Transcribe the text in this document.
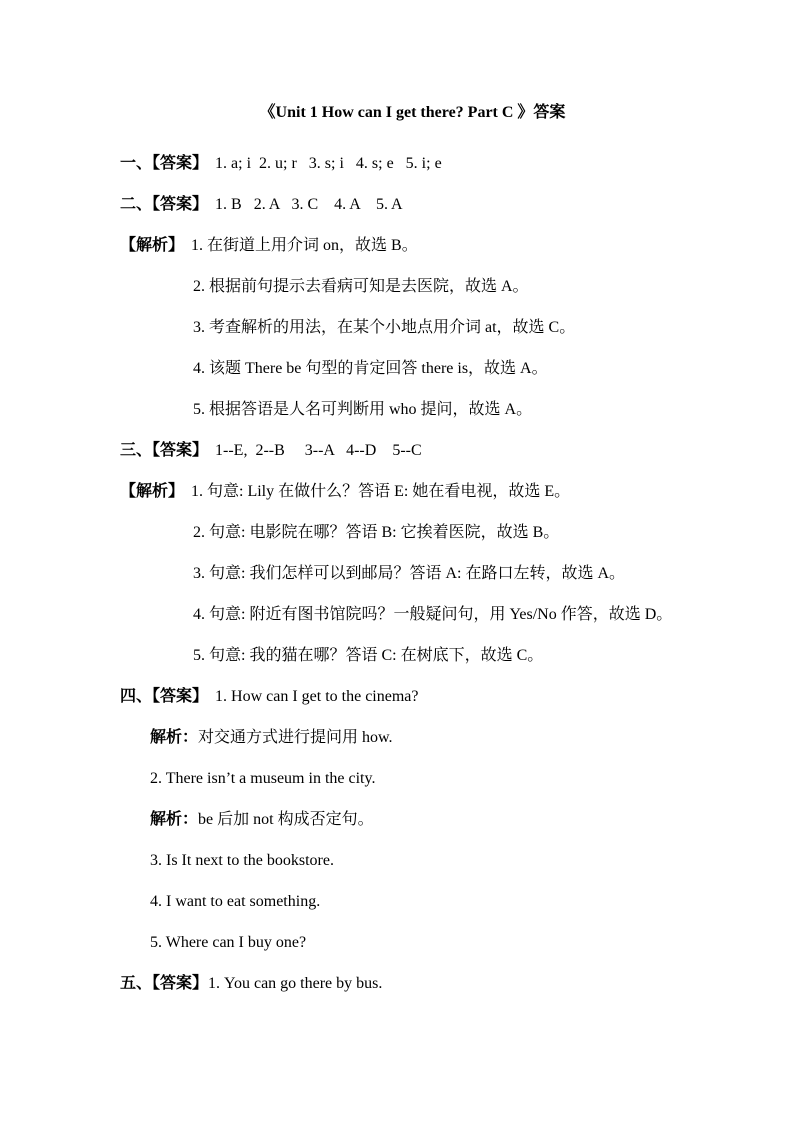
《Unit 1 How can I get there? Part C 》答案

一、【答案】 1. a; i  2. u; r   3. s; i   4. s; e   5. i; e

二、【答案】 1. B   2. A   3. C    4. A    5. A

【解析】 1. 在街道上用介词 on，故选 B。

2. 根据前句提示去看病可知是去医院，故选 A。

3. 考查解析的用法，在某个小地点用介词 at，故选 C。

4. 该题 There be 句型的肯定回答 there is，故选 A。

5. 根据答语是人名可判断用 who 提问，故选 A。

三、【答案】 1--E,  2--B     3--A   4--D    5--C

【解析】 1. 句意: Lily 在做什么？答语 E: 她在看电视，故选 E。

2. 句意: 电影院在哪？答语 B: 它挨着医院，故选 B。

3. 句意: 我们怎样可以到邮局？答语 A: 在路口左转，故选 A。

4. 句意: 附近有图书馆院吗？一般疑问句，用 Yes/No 作答，故选 D。

5. 句意: 我的猫在哪？答语 C: 在树底下，故选 C。

四、【答案】 1. How can I get to the cinema?

解析：对交通方式进行提问用 how.

2. There isn’t a museum in the city.

解析：be 后加 not 构成否定句。

3. Is It next to the bookstore.

4. I want to eat something.

5. Where can I buy one?

五、【答案】1. You can go there by bus.
